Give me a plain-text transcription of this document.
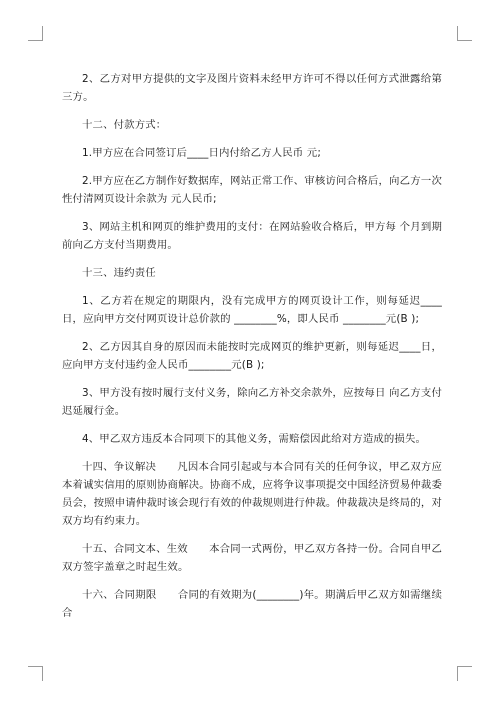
2、乙方对甲方提供的文字及图片资料未经甲方许可不得以任何方式泄露给第三方。

十二、付款方式：

1.甲方应在合同签订后____日内付给乙方人民币 元;

2.甲方应在乙方制作好数据库，网站正常工作、审核访问合格后，向乙方一次性付清网页设计余款为 元人民币;

3、网站主机和网页的维护费用的支付：在网站验收合格后，甲方每 个月到期前向乙方支付当期费用。

十三、违约责任

1、乙方若在规定的期限内，没有完成甲方的网页设计工作，则每延迟____日，应向甲方交付网页设计总价款的 ________%，即人民币 ________元(B );

2、乙方因其自身的原因而未能按时完成网页的维护更新，则每延迟____日，应向甲方支付违约金人民币________元(B );

3、甲方没有按时履行支付义务，除向乙方补交余款外，应按每日 向乙方支付迟延履行金。

4、甲乙双方违反本合同项下的其他义务，需赔偿因此给对方造成的损失。

十四、争议解决　　凡因本合同引起或与本合同有关的任何争议，甲乙双方应本着诚实信用的原则协商解决。协商不成，应将争议事项提交中国经济贸易仲裁委员会，按照申请仲裁时该会现行有效的仲裁规则进行仲裁。仲裁裁决是终局的，对双方均有约束力。

十五、合同文本、生效　　本合同一式两份，甲乙双方各持一份。合同自甲乙双方签字盖章之时起生效。

十六、合同期限　　合同的有效期为(________)年。期满后甲乙双方如需继续合
